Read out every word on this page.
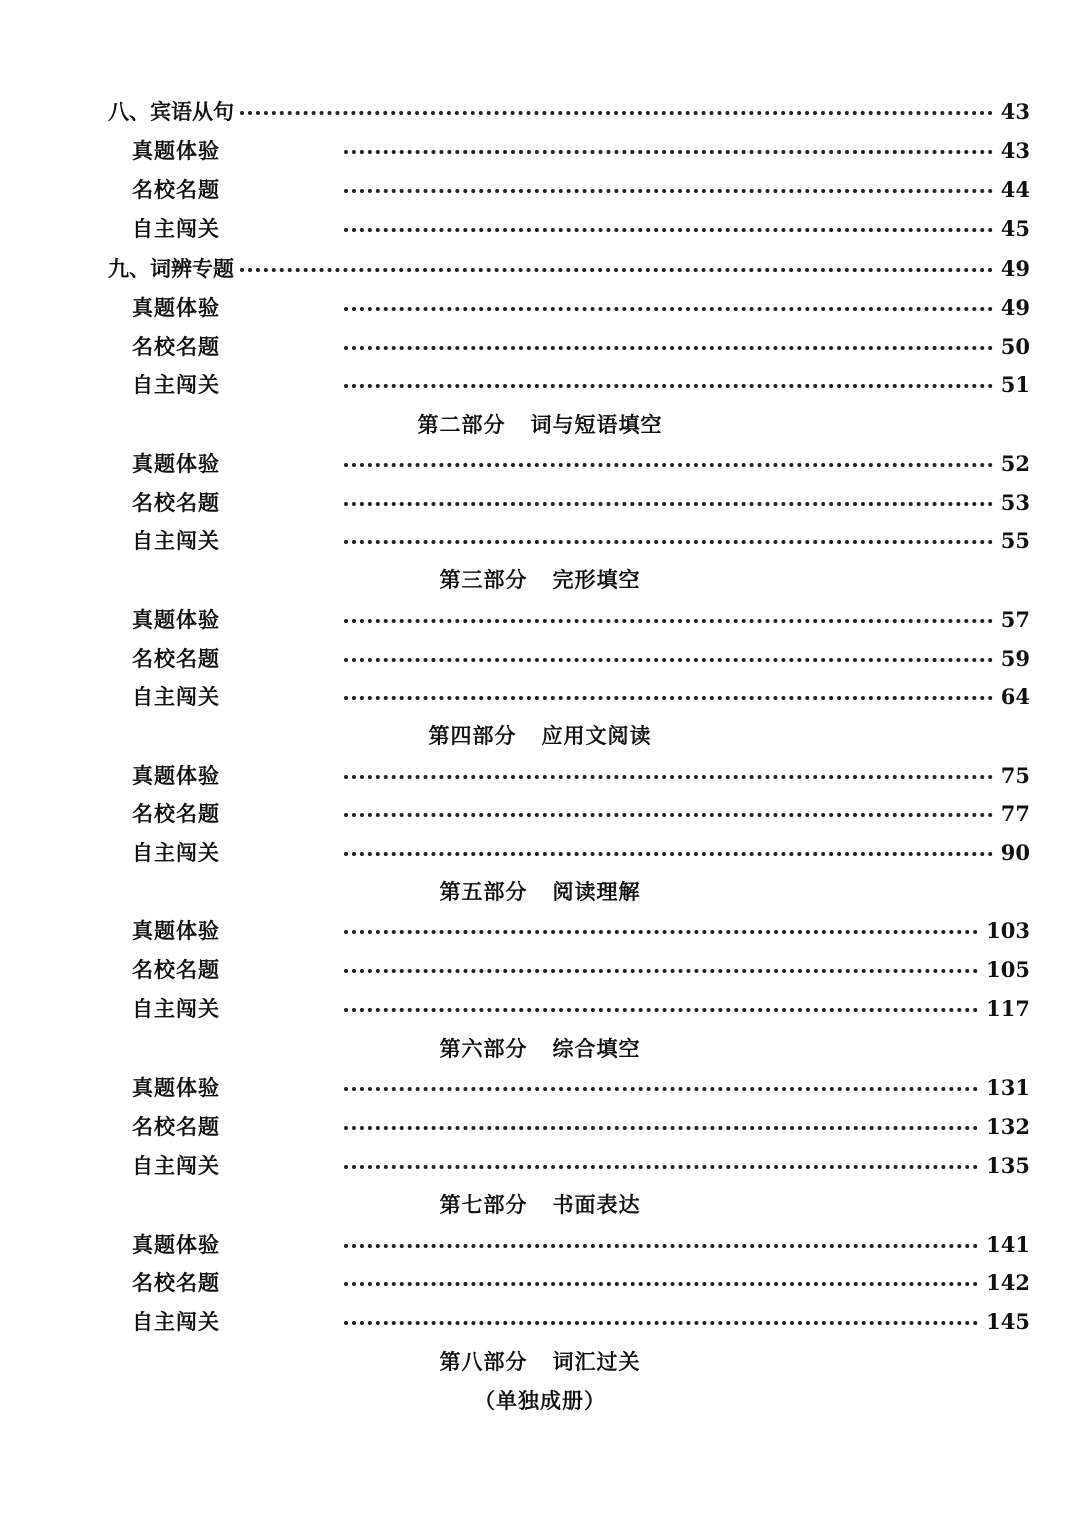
八、宾语从句	43
真题体验	43
名校名题	44
自主闯关	45
九、词辨专题	49
真题体验	49
名校名题	50
自主闯关	51
第二部分 词与短语填空
真题体验	52
名校名题	53
自主闯关	55
第三部分 完形填空
真题体验	57
名校名题	59
自主闯关	64
第四部分 应用文阅读
真题体验	75
名校名题	77
自主闯关	90
第五部分 阅读理解
真题体验	103
名校名题	105
自主闯关	117
第六部分 综合填空
真题体验	131
名校名题	132
自主闯关	135
第七部分 书面表达
真题体验	141
名校名题	142
自主闯关	145
第八部分 词汇过关
（单独成册）
